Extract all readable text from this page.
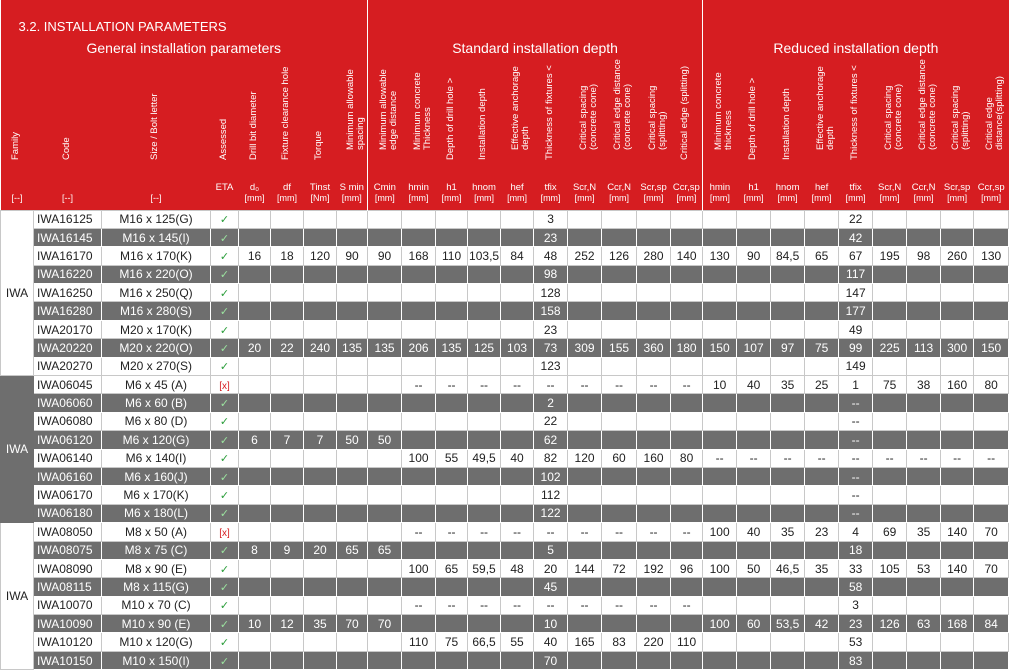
3.2. INSTALLATION PARAMETERS																										
General installation parameters								Standard installation depth										Reduced installation depth								

Family	Code	Size / Bolt letter	Assessed	Drill bit diameter	Fixture clearance hole	Torque	Minimum allowable spacing	Minimum allowable edge distance	Minimum concrete Thickness	Depth of drill hole >	Installation depth	Effective anchorage depth	Thickness of fixtures <	Critical spacing (concrete cone)	Critical edge distance (concrete cone)	Critical spacing (splitting)	Critical edge (splitting)	Minimum concrete thickness	Depth of drill hole >	Installation depth	Effective anchorage depth	Thickness of fixtures <	Critical spacing (concrete cone)	Critical edge distance (concrete cone)	Critical spacing (splitting)	Critical edge distance(splitting)

			ETA	d₀	df	Tinst	S min	Cmin	hmin	h1	hnom	hef	tfix	Scr,N	Ccr,N	Scr,sp	Ccr,sp	hmin	h1	hnom	hef	tfix	Scr,N	Ccr,N	Scr,sp	Ccr,sp
[--]	[--]	[--]		[mm]	[mm]	[Nm]	[mm]	[mm]	[mm]	[mm]	[mm]	[mm]	[mm]	[mm]	[mm]	[mm]	[mm]	[mm]	[mm]	[mm]	[mm]	[mm]	[mm]	[mm]	[mm]	[mm]
IWA	IWA16125	M16 x 125(G)	✓										3									22				
	IWA16145	M16 x 145(I)	✓										23									42				
	IWA16170	M16 x 170(K)	✓	16	18	120	90	90	168	110	103,5	84	48	252	126	280	140	130	90	84,5	65	67	195	98	260	130
	IWA16220	M16 x 220(O)	✓										98									117				
	IWA16250	M16 x 250(Q)	✓										128									147				
	IWA16280	M16 x 280(S)	✓										158									177				
	IWA20170	M20 x 170(K)	✓										23									49				
	IWA20220	M20 x 220(O)	✓	20	22	240	135	135	206	135	125	103	73	309	155	360	180	150	107	97	75	99	225	113	300	150
	IWA20270	M20 x 270(S)	✓										123									149				
IWA	IWA06045	M6 x 45 (A)	[x]						--	--	--	--	--	--	--	--	--	10	40	35	25	1	75	38	160	80
	IWA06060	M6 x 60 (B)	✓										2									--				
	IWA06080	M6 x 80 (D)	✓										22									--				
	IWA06120	M6 x 120(G)	✓	6	7	7	50	50					62									--				
	IWA06140	M6 x 140(I)	✓						100	55	49,5	40	82	120	60	160	80	--	--	--	--	--	--	--	--	--
	IWA06160	M6 x 160(J)	✓										102									--				
	IWA06170	M6 x 170(K)	✓										112									--				
	IWA06180	M6 x 180(L)	✓										122									--				
IWA	IWA08050	M8 x 50 (A)	[x]						--	--	--	--	--	--	--	--	--	100	40	35	23	4	69	35	140	70
	IWA08075	M8 x 75 (C)	✓	8	9	20	65	65					5									18				
	IWA08090	M8 x 90 (E)	✓						100	65	59,5	48	20	144	72	192	96	100	50	46,5	35	33	105	53	140	70
	IWA08115	M8 x 115(G)	✓										45									58				
	IWA10070	M10 x 70 (C)	✓						--	--	--	--	--	--	--	--	--					3				
	IWA10090	M10 x 90 (E)	✓	10	12	35	70	70					10					100	60	53,5	42	23	126	63	168	84
	IWA10120	M10 x 120(G)	✓						110	75	66,5	55	40	165	83	220	110					53				
	IWA10150	M10 x 150(I)	✓										70									83				
